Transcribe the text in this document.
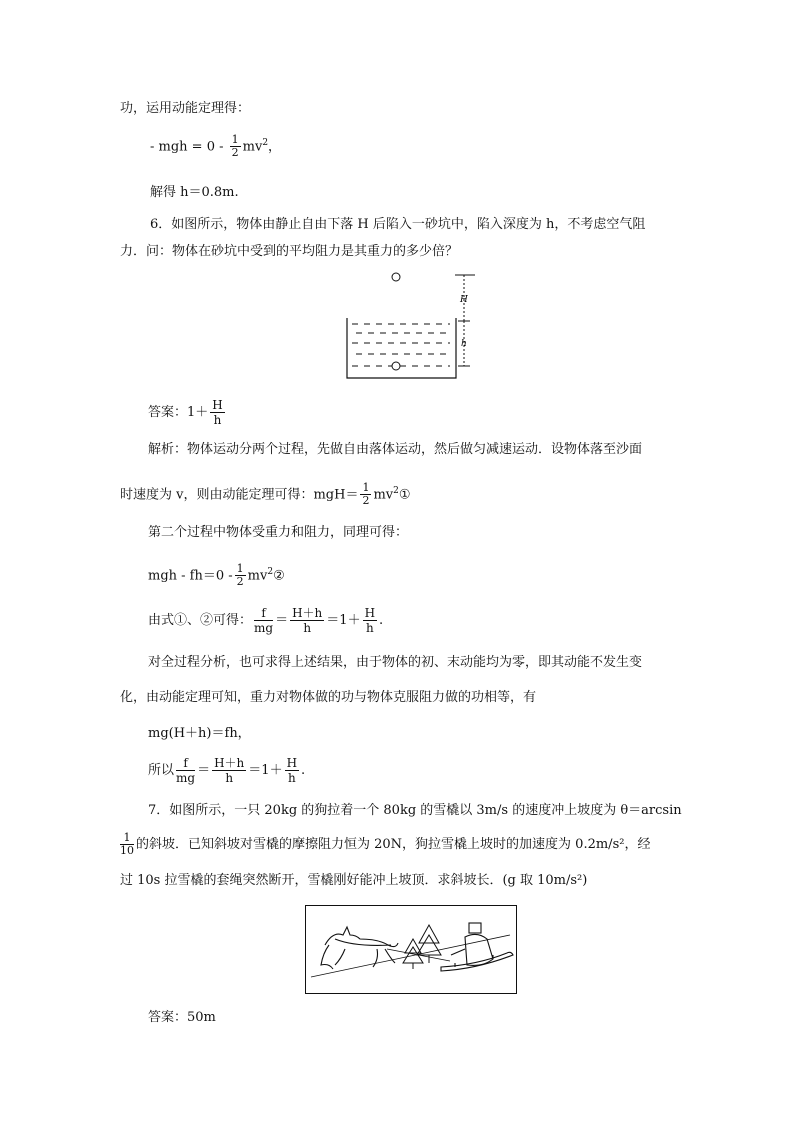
功，运用动能定理得：
- mgh = $0 - \frac{1}{2} mv^2$，
解得 h＝0.8m.
6．如图所示，物体由静止自由下落 H 后陷入一砂坑中，陷入深度为 h，不考虑空气阻
力．问：物体在砂坑中受到的平均阻力是其重力的多少倍？
H
h
答案：$1+ \frac{H}{h}$
解析：物体运动分两个过程，先做自由落体运动，然后做匀减速运动．设物体落至沙面
时速度为 v，则由动能定理可得：$mgH= \frac{1}{2}$ $mv^2①$
第二个过程中物体受重力和阻力，同理可得：
mgh - $fh=0 - \frac{1}{2}$ $mv^2②$
由式①、②可得： $\frac{f}{mg} = \frac{H+h}{h} =1+ \frac{H}{h}$ .
对全过程分析，也可求得上述结果，由于物体的初、末动能均为零，即其动能不发生变
化，由动能定理可知，重力对物体做的功与物体克服阻力做的功相等，有
mg(H＋h)＝fh，
所以 $\frac{f}{mg} = \frac{H+h}{h} =1+ \frac{H}{h}$ .
7．如图所示，一只 20kg 的狗拉着一个 80kg 的雪橇以 3m/s 的速度冲上坡度为 θ＝arcsin
$\frac{1}{10}$ 的斜坡．已知斜坡对雪橇的摩擦阻力恒为 20N，狗拉雪橇上坡时的加速度为 0.2m/s²，经
过 10s 拉雪橇的套绳突然断开，雪橇刚好能冲上坡顶．求斜坡长．(g 取 10m/s²)
答案：50m
